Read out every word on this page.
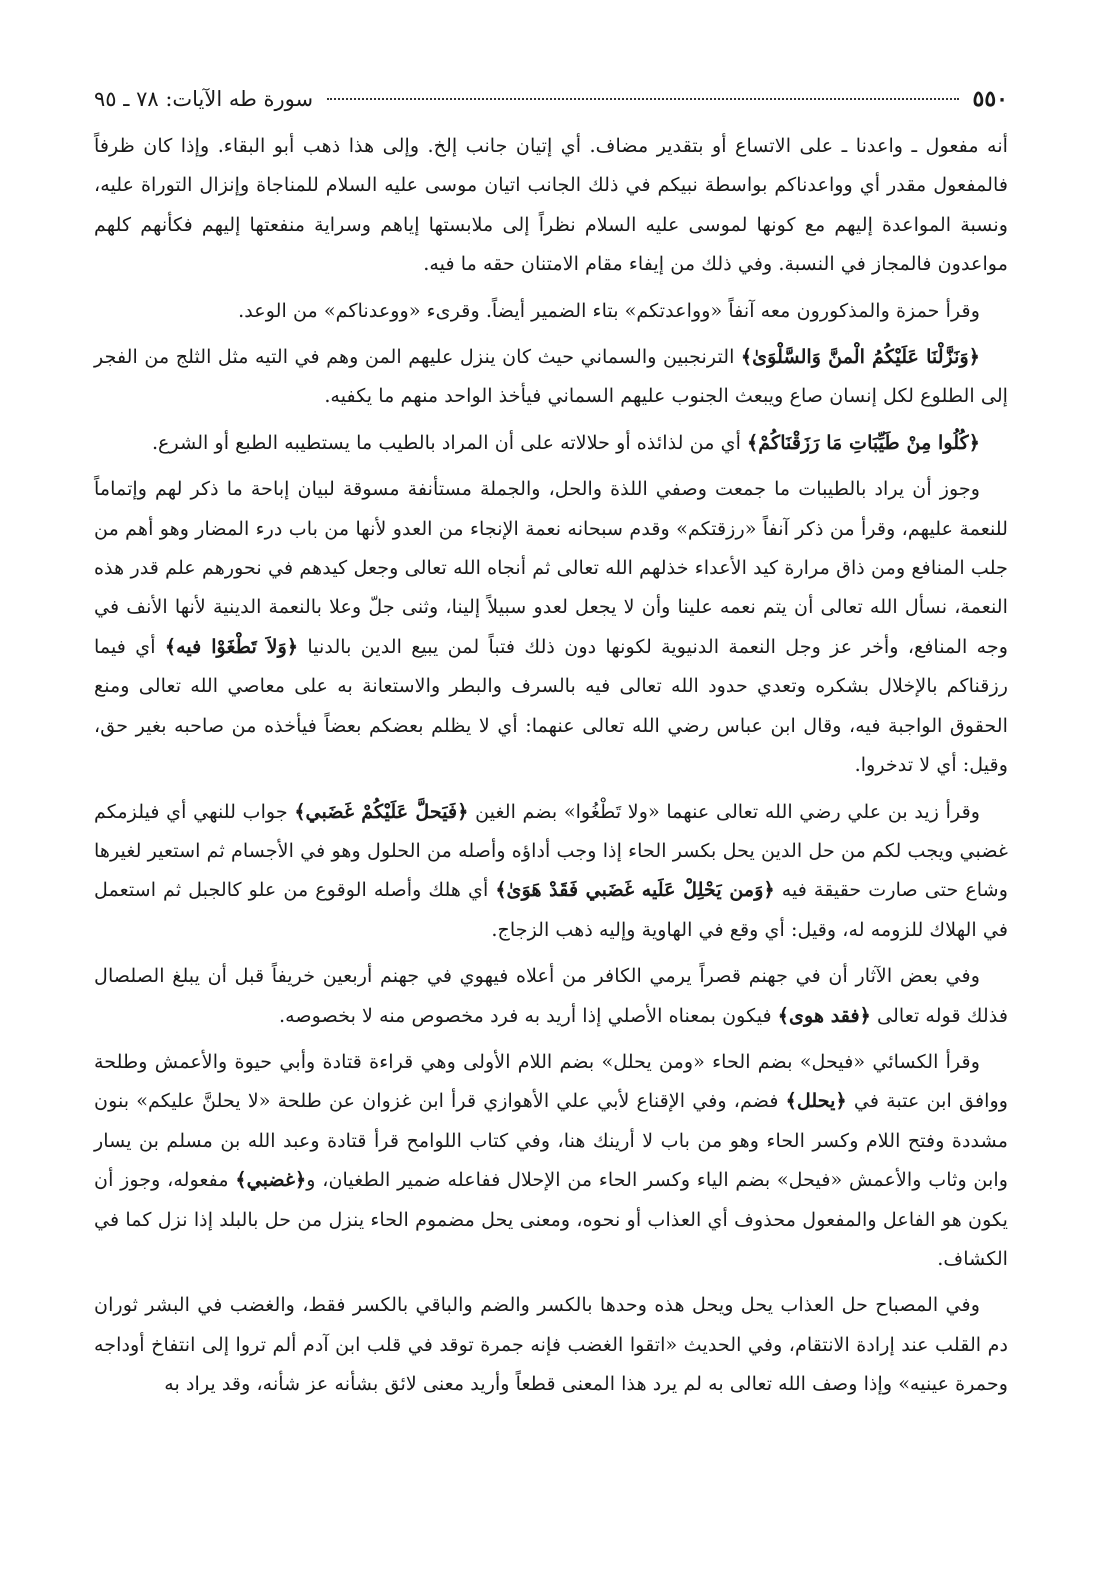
٥٥٠
سورة طه الآيات: ٧٨ ـ ٩٥

أنه مفعول ـ واعدنا ـ على الاتساع أو بتقدير مضاف. أي إتيان جانب إلخ. وإلى هذا ذهب أبو البقاء. وإذا كان ظرفاً فالمفعول مقدر أي وواعدناكم بواسطة نبيكم في ذلك الجانب اتيان موسى عليه السلام للمناجاة وإنزال التوراة عليه، ونسبة المواعدة إليهم مع كونها لموسى عليه السلام نظراً إلى ملابستها إياهم وسراية منفعتها إليهم فكأنهم كلهم مواعدون فالمجاز في النسبة. وفي ذلك من إيفاء مقام الامتنان حقه ما فيه.

وقرأ حمزة والمذكورون معه آنفاً «وواعدتكم» بتاء الضمير أيضاً. وقرىء «ووعدناكم» من الوعد.

﴿وَنَزَّلْنَا عَلَيْكُمُ الْمنَّ وَالسَّلْوَىٰ﴾ الترنجبين والسماني حيث كان ينزل عليهم المن وهم في التيه مثل الثلج من الفجر إلى الطلوع لكل إنسان صاع ويبعث الجنوب عليهم السماني فيأخذ الواحد منهم ما يكفيه.

﴿كُلُوا مِنْ طَيِّبَاتِ مَا رَزَقْنَاكُمْ﴾ أي من لذائذه أو حلالاته على أن المراد بالطيب ما يستطيبه الطبع أو الشرع.

وجوز أن يراد بالطيبات ما جمعت وصفي اللذة والحل، والجملة مستأنفة مسوقة لبيان إباحة ما ذكر لهم وإتماماً للنعمة عليهم، وقرأ من ذكر آنفاً «رزقتكم» وقدم سبحانه نعمة الإنجاء من العدو لأنها من باب درء المضار وهو أهم من جلب المنافع ومن ذاق مرارة كيد الأعداء خذلهم الله تعالى ثم أنجاه الله تعالى وجعل كيدهم في نحورهم علم قدر هذه النعمة، نسأل الله تعالى أن يتم نعمه علينا وأن لا يجعل لعدو سبيلاً إلينا، وثنى جلّ وعلا بالنعمة الدينية لأنها الأنف في وجه المنافع، وأخر عز وجل النعمة الدنيوية لكونها دون ذلك فتباً لمن يبيع الدين بالدنيا ﴿وَلاَ تَطْغَوْا فيه﴾ أي فيما رزقناكم بالإخلال بشكره وتعدي حدود الله تعالى فيه بالسرف والبطر والاستعانة به على معاصي الله تعالى ومنع الحقوق الواجبة فيه، وقال ابن عباس رضي الله تعالى عنهما: أي لا يظلم بعضكم بعضاً فيأخذه من صاحبه بغير حق، وقيل: أي لا تدخروا.

وقرأ زيد بن علي رضي الله تعالى عنهما «ولا تَطْغُوا» بضم الغين ﴿فَيَحلَّ عَلَيْكُمْ غَضَبي﴾ جواب للنهي أي فيلزمكم غضبي ويجب لكم من حل الدين يحل بكسر الحاء إذا وجب أداؤه وأصله من الحلول وهو في الأجسام ثم استعير لغيرها وشاع حتى صارت حقيقة فيه ﴿وَمن يَحْلِلْ عَلَيه غَضَبي فَقَدْ هَوَىٰ﴾ أي هلك وأصله الوقوع من علو كالجبل ثم استعمل في الهلاك للزومه له، وقيل: أي وقع في الهاوية وإليه ذهب الزجاج.

وفي بعض الآثار أن في جهنم قصراً يرمي الكافر من أعلاه فيهوي في جهنم أربعين خريفاً قبل أن يبلغ الصلصال فذلك قوله تعالى ﴿فقد هوى﴾ فيكون بمعناه الأصلي إذا أريد به فرد مخصوص منه لا بخصوصه.

وقرأ الكسائي «فيحل» بضم الحاء «ومن يحلل» بضم اللام الأولى وهي قراءة قتادة وأبي حيوة والأعمش وطلحة ووافق ابن عتبة في ﴿يحلل﴾ فضم، وفي الإقناع لأبي علي الأهوازي قرأ ابن غزوان عن طلحة «لا يحلنَّ عليكم» بنون مشددة وفتح اللام وكسر الحاء وهو من باب لا أرينك هنا، وفي كتاب اللوامح قرأ قتادة وعبد الله بن مسلم بن يسار وابن وثاب والأعمش «فيحل» بضم الياء وكسر الحاء من الإحلال ففاعله ضمير الطغيان، و﴿غضبي﴾ مفعوله، وجوز أن يكون هو الفاعل والمفعول محذوف أي العذاب أو نحوه، ومعنى يحل مضموم الحاء ينزل من حل بالبلد إذا نزل كما في الكشاف.

وفي المصباح حل العذاب يحل ويحل هذه وحدها بالكسر والضم والباقي بالكسر فقط، والغضب في البشر ثوران دم القلب عند إرادة الانتقام، وفي الحديث «اتقوا الغضب فإنه جمرة توقد في قلب ابن آدم ألم تروا إلى انتفاخ أوداجه وحمرة عينيه» وإذا وصف الله تعالى به لم يرد هذا المعنى قطعاً وأريد معنى لائق بشأنه عز شأنه، وقد يراد به
